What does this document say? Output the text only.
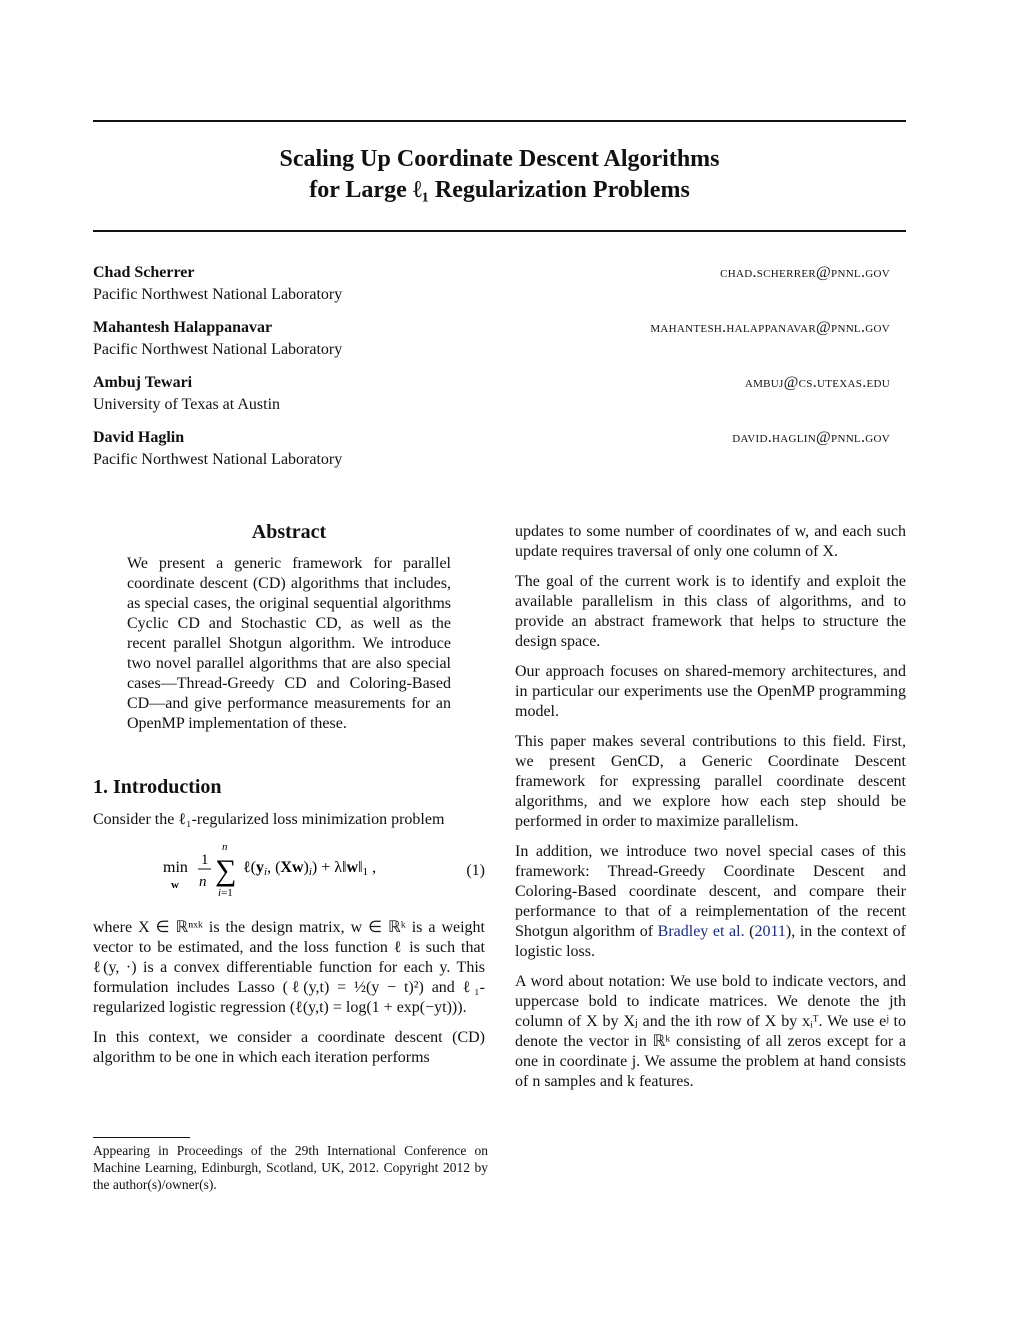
Scaling Up Coordinate Descent Algorithms
for Large ℓ₁ Regularization Problems
Chad Scherrer	chad.scherrer@pnnl.gov
Pacific Northwest National Laboratory
Mahantesh Halappanavar	mahantesh.halappanavar@pnnl.gov
Pacific Northwest National Laboratory
Ambuj Tewari	ambuj@cs.utexas.edu
University of Texas at Austin
David Haglin	david.haglin@pnnl.gov
Pacific Northwest National Laboratory
Abstract

We present a generic framework for parallel coordinate descent (CD) algorithms that includes, as special cases, the original sequential algorithms Cyclic CD and Stochastic CD, as well as the recent parallel Shotgun algorithm. We introduce two novel parallel algorithms that are also special cases—Thread-Greedy CD and Coloring-Based CD—and give performance measurements for an OpenMP implementation of these.

1. Introduction

Consider the ℓ₁-regularized loss minimization problem

min
w
1
n
n
∑
i=1
ℓ(yi, (Xw)i) + λ‖w‖1 ,	(1)

where X ∈ ℝⁿˣᵏ is the design matrix, w ∈ ℝᵏ is a weight vector to be estimated, and the loss function ℓ is such that ℓ(y, ·) is a convex differentiable function for each y. This formulation includes Lasso (ℓ(y,t) = ½(y − t)²) and ℓ₁-regularized logistic regression (ℓ(y,t) = log(1 + exp(−yt))).

In this context, we consider a coordinate descent (CD) algorithm to be one in which each iteration performs

updates to some number of coordinates of w, and each such update requires traversal of only one column of X.

The goal of the current work is to identify and exploit the available parallelism in this class of algorithms, and to provide an abstract framework that helps to structure the design space.

Our approach focuses on shared-memory architectures, and in particular our experiments use the OpenMP programming model.

This paper makes several contributions to this field. First, we present GenCD, a Generic Coordinate Descent framework for expressing parallel coordinate descent algorithms, and we explore how each step should be performed in order to maximize parallelism.

In addition, we introduce two novel special cases of this framework: Thread-Greedy Coordinate Descent and Coloring-Based coordinate descent, and compare their performance to that of a reimplementation of the recent Shotgun algorithm of Bradley et al. (2011), in the context of logistic loss.

A word about notation: We use bold to indicate vectors, and uppercase bold to indicate matrices. We denote the jth column of X by Xⱼ and the ith row of X by xᵢᵀ. We use eʲ to denote the vector in ℝᵏ consisting of all zeros except for a one in coordinate j. We assume the problem at hand consists of n samples and k features.

Appearing in Proceedings of the 29th International Conference on Machine Learning, Edinburgh, Scotland, UK, 2012. Copyright 2012 by the author(s)/owner(s).
